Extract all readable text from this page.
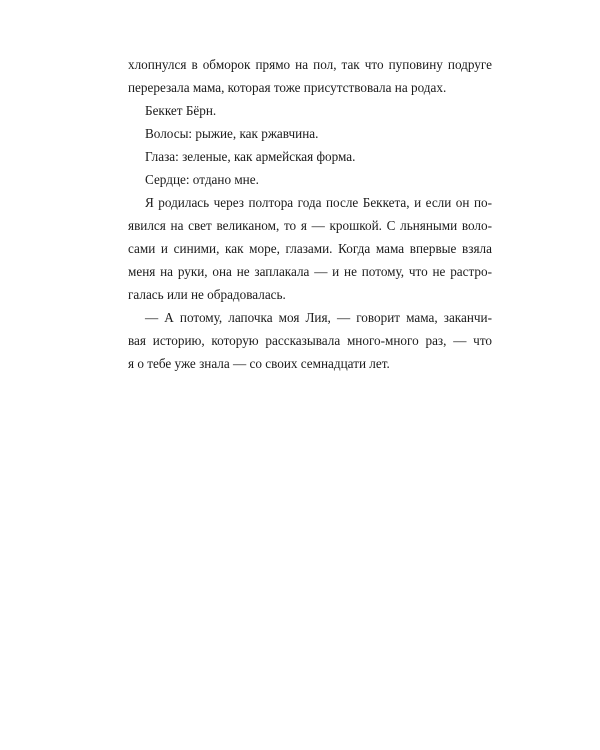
хлопнулся в обморок прямо на пол, так что пуповину подруге
перерезала мама, которая тоже присутствовала на родах.
Беккет Бёрн.
Волосы: рыжие, как ржавчина.
Глаза: зеленые, как армейская форма.
Сердце: отдано мне.
Я родилась через полтора года после Беккета, и если он по-
явился на свет великаном, то я — крошкой. С льняными воло-
сами и синими, как море, глазами. Когда мама впервые взяла
меня на руки, она не заплакала — и не потому, что не растро-
галась или не обрадовалась.
— А потому, лапочка моя Лия, — говорит мама, заканчи-
вая историю, которую рассказывала много-много раз, — что
я о тебе уже знала — со своих семнадцати лет.
